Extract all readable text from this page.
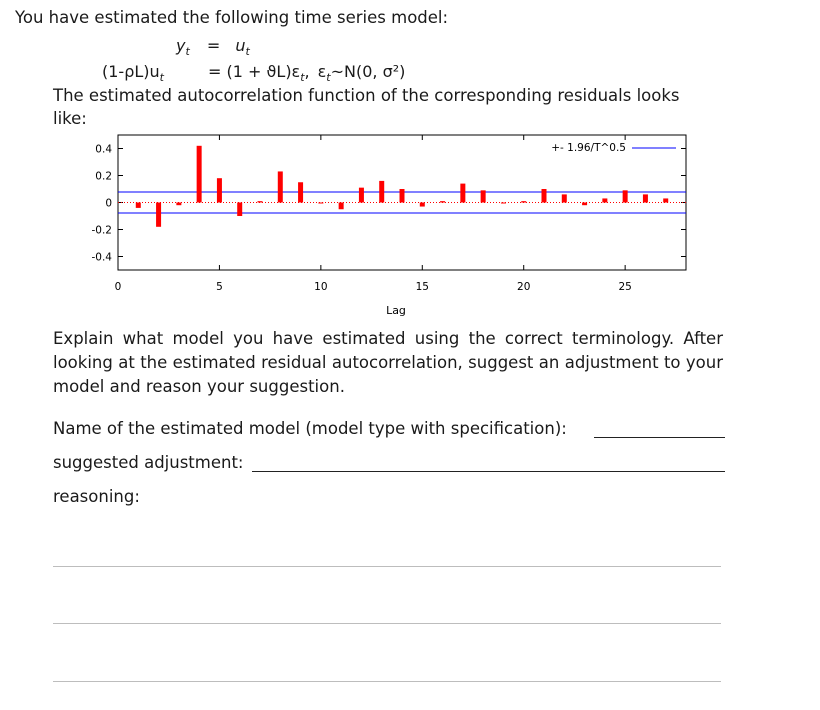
You have estimated the following time series model:
$y_t = u_t$
$(1-\rho L)u_t$	= $(1 + ϑL)\varepsilon_t$, $\varepsilon_t\sim N(0$, σ²)
The estimated autocorrelation function of the corresponding residuals looks
like:
0.4
0.2
0
-0.2
-0.4
0	5	10	15	20	25
Lag
+- 1.96/T^0.5
Explain what model you have estimated using the correct terminology. After looking at the estimated residual autocorrelation, suggest an adjustment to your model and reason your suggestion.
Name of the estimated model (model type with specification):
suggested adjustment:
reasoning:
